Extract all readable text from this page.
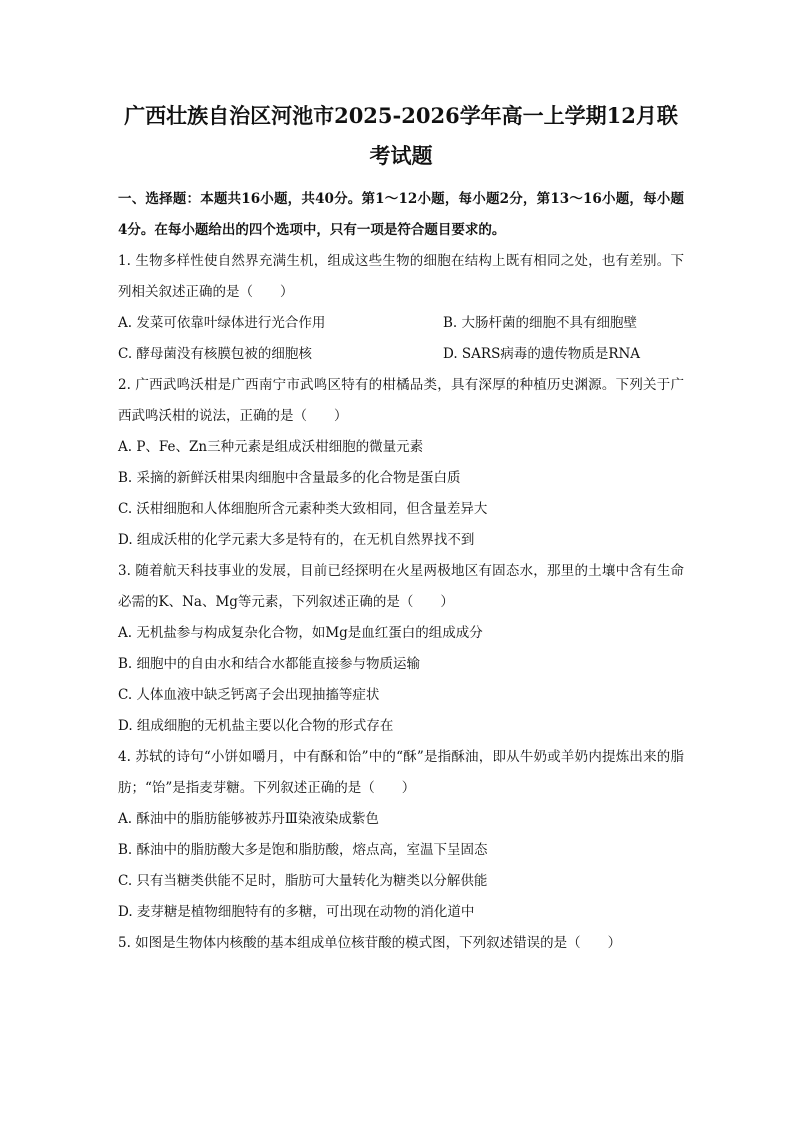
广西壮族自治区河池市2025-2026学年高一上学期12月联

考试题

一、选择题：本题共16小题，共40分。第1～12小题，每小题2分，第13～16小题，每小题4分。在每小题给出的四个选项中，只有一项是符合题目要求的。

1. 生物多样性使自然界充满生机，组成这些生物的细胞在结构上既有相同之处，也有差别。下列相关叙述正确的是（　　）

A. 发菜可依靠叶绿体进行光合作用	B. 大肠杆菌的细胞不具有细胞壁

C. 酵母菌没有核膜包被的细胞核	D. SARS病毒的遗传物质是RNA

2. 广西武鸣沃柑是广西南宁市武鸣区特有的柑橘品类，具有深厚的种植历史渊源。下列关于广西武鸣沃柑的说法，正确的是（　　）

A. P、Fe、Zn三种元素是组成沃柑细胞的微量元素

B. 采摘的新鲜沃柑果肉细胞中含量最多的化合物是蛋白质

C. 沃柑细胞和人体细胞所含元素种类大致相同，但含量差异大

D. 组成沃柑的化学元素大多是特有的，在无机自然界找不到

3. 随着航天科技事业的发展，目前已经探明在火星两极地区有固态水，那里的土壤中含有生命必需的K、Na、Mg等元素，下列叙述正确的是（　　）

A. 无机盐参与构成复杂化合物，如Mg是血红蛋白的组成成分

B. 细胞中的自由水和结合水都能直接参与物质运输

C. 人体血液中缺乏钙离子会出现抽搐等症状

D. 组成细胞的无机盐主要以化合物的形式存在

4. 苏轼的诗句“小饼如嚼月，中有酥和饴”中的“酥”是指酥油，即从牛奶或羊奶内提炼出来的脂肪；“饴”是指麦芽糖。下列叙述正确的是（　　）

A. 酥油中的脂肪能够被苏丹Ⅲ染液染成紫色

B. 酥油中的脂肪酸大多是饱和脂肪酸，熔点高，室温下呈固态

C. 只有当糖类供能不足时，脂肪可大量转化为糖类以分解供能

D. 麦芽糖是植物细胞特有的多糖，可出现在动物的消化道中

5. 如图是生物体内核酸的基本组成单位核苷酸的模式图，下列叙述错误的是（　　）
